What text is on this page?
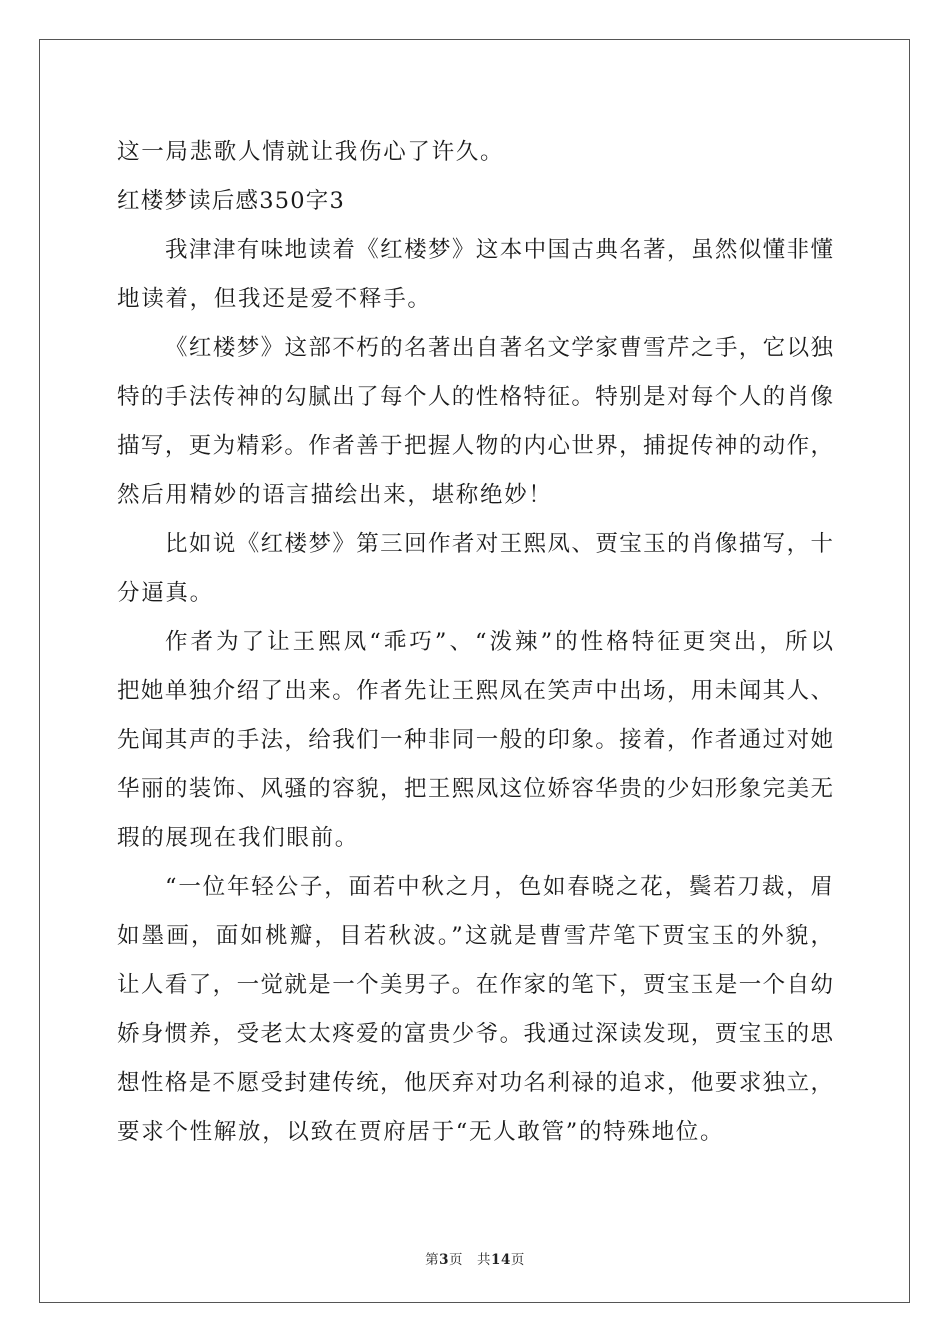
这一局悲歌人情就让我伤心了许久。
红楼梦读后感350字3
我津津有味地读着《红楼梦》这本中国古典名著，虽然似懂非懂
地读着，但我还是爱不释手。
《红楼梦》这部不朽的名著出自著名文学家曹雪芹之手，它以独
特的手法传神的勾腻出了每个人的性格特征。特别是对每个人的肖像
描写，更为精彩。作者善于把握人物的内心世界，捕捉传神的动作，
然后用精妙的语言描绘出来，堪称绝妙！
比如说《红楼梦》第三回作者对王熙凤、贾宝玉的肖像描写，十
分逼真。
作者为了让王熙凤“乖巧”、“泼辣”的性格特征更突出，所以
把她单独介绍了出来。作者先让王熙凤在笑声中出场，用未闻其人、
先闻其声的手法，给我们一种非同一般的印象。接着，作者通过对她
华丽的装饰、风骚的容貌，把王熙凤这位娇容华贵的少妇形象完美无
瑕的展现在我们眼前。
“一位年轻公子，面若中秋之月，色如春晓之花，鬓若刀裁，眉
如墨画，面如桃瓣，目若秋波。”这就是曹雪芹笔下贾宝玉的外貌，
让人看了，一觉就是一个美男子。在作家的笔下，贾宝玉是一个自幼
娇身惯养，受老太太疼爱的富贵少爷。我通过深读发现，贾宝玉的思
想性格是不愿受封建传统，他厌弃对功名利禄的追求，他要求独立，
要求个性解放，以致在贾府居于“无人敢管”的特殊地位。
第3页 共14页
